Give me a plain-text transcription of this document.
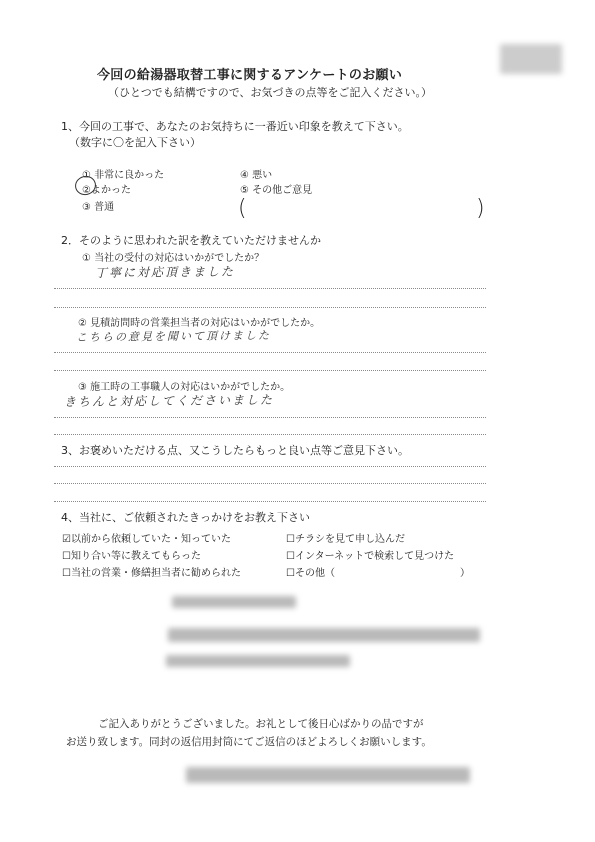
今回の給湯器取替工事に関するアンケートのお願い
（ひとつでも結構ですので、お気づきの点等をご記入ください。）
1、今回の工事で、あなたのお気持ちに一番近い印象を教えて下さい。
（数字に〇を記入下さい）
① 非常に良かった
②よかった
③ 普通
④ 悪い
⑤ その他ご意見
(	)
2．そのように思われた訳を教えていただけませんか
① 当社の受付の対応はいかがでしたか？
丁寧に対応頂きました
② 見積訪問時の営業担当者の対応はいかがでしたか。
こちらの意見を聞いて頂けました
③ 施工時の工事職人の対応はいかがでしたか。
きちんと対応してくださいました
3、お褒めいただける点、又こうしたらもっと良い点等ご意見下さい。
4、当社に、ご依頼されたきっかけをお教え下さい
☑以前から依頼していた・知っていた
☐知り合い等に教えてもらった
☐当社の営業・修繕担当者に勧められた
☐チラシを見て申し込んだ
☐インターネットで検索して見つけた
☐その他（	）
ご記入ありがとうございました。お礼として後日心ばかりの品ですが
お送り致します。同封の返信用封筒にてご返信のほどよろしくお願いします。
